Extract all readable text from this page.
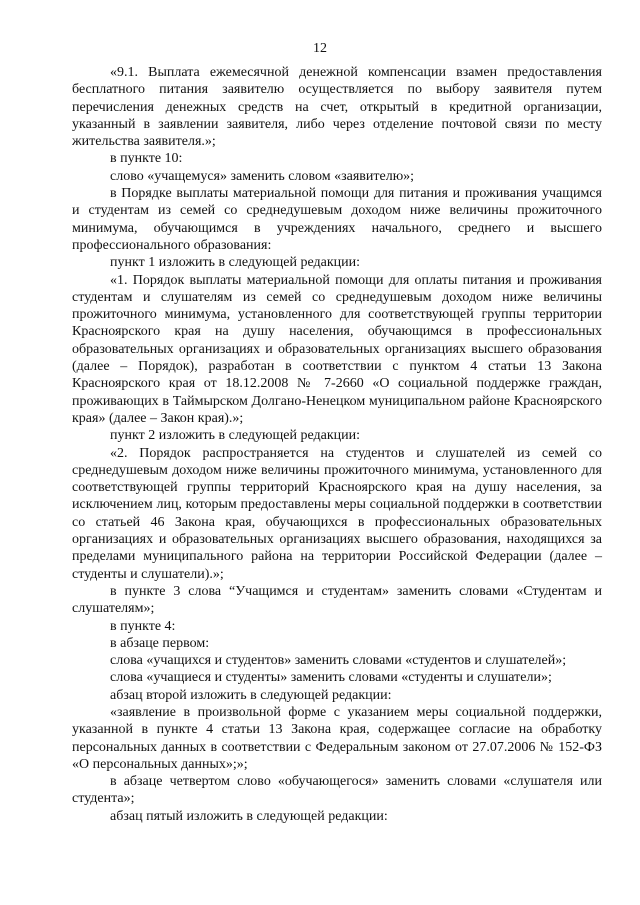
12

«9.1. Выплата ежемесячной денежной компенсации взамен предоставления бесплатного питания заявителю осуществляется по выбору заявителя путем перечисления денежных средств на счет, открытый в кредитной организации, указанный в заявлении заявителя, либо через отделение почтовой связи по месту жительства заявителя.»;

в пункте 10:

слово «учащемуся» заменить словом «заявителю»;

в Порядке выплаты материальной помощи для питания и проживания учащимся и студентам из семей со среднедушевым доходом ниже величины прожиточного минимума, обучающимся в учреждениях начального, среднего и высшего профессионального образования:

пункт 1 изложить в следующей редакции:

«1. Порядок выплаты материальной помощи для оплаты питания и проживания студентам и слушателям из семей со среднедушевым доходом ниже величины прожиточного минимума, установленного для соответствующей группы территории Красноярского края на душу населения, обучающимся в профессиональных образовательных организациях и образовательных организациях высшего образования (далее – Порядок), разработан в соответствии с пунктом 4 статьи 13 Закона Красноярского края от 18.12.2008 № 7-2660 «О социальной поддержке граждан, проживающих в Таймырском Долгано-Ненецком муниципальном районе Красноярского края» (далее – Закон края).»;

пункт 2 изложить в следующей редакции:

«2. Порядок распространяется на студентов и слушателей из семей со среднедушевым доходом ниже величины прожиточного минимума, установленного для соответствующей группы территорий Красноярского края на душу населения, за исключением лиц, которым предоставлены меры социальной поддержки в соответствии со статьей 46 Закона края, обучающихся в профессиональных образовательных организациях и образовательных организациях высшего образования, находящихся за пределами муниципального района на территории Российской Федерации (далее – студенты и слушатели).»;

в пункте 3 слова “Учащимся и студентам» заменить словами «Студентам и слушателям»;

в пункте 4:

в абзаце первом:

слова «учащихся и студентов» заменить словами «студентов и слушателей»;

слова «учащиеся и студенты» заменить словами «студенты и слушатели»;

абзац второй изложить в следующей редакции:

«заявление в произвольной форме с указанием меры социальной поддержки, указанной в пункте 4 статьи 13 Закона края, содержащее согласие на обработку персональных данных в соответствии с Федеральным законом от 27.07.2006 № 152-ФЗ «О персональных данных»;»;

в абзаце четвертом слово «обучающегося» заменить словами «слушателя или студента»;

абзац пятый изложить в следующей редакции:
